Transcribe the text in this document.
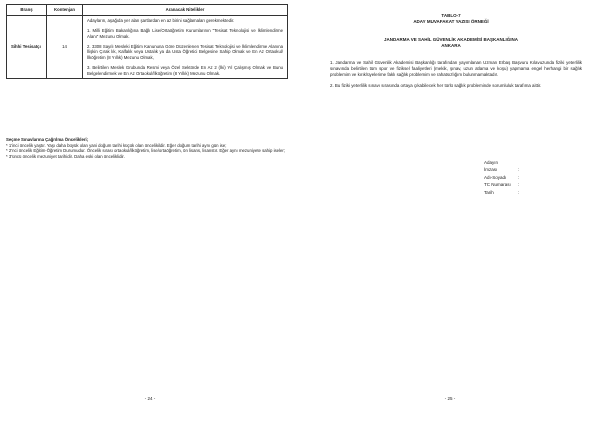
Branş	Kontenjan	Aranacak Nitelikler
Sihhi Tesisatçı	14	Adayların, aşağıda yer alan şartlardan en az birini sağlamaları gerekmektedir.

1. Milli Eğitim Bakanlığına Bağlı Lise/Ortaöğretim Kurumlarının "Tesisat Teknolojisi ve İklimlendirme Alanı" Mezunu Olmak.

2. 3308 Sayılı Mesleki Eğitim Kanununa Göre Düzenlenen Tesisat Teknolojisi ve İklimlendirme Alanına İlişkin Çırak lık, Kalfalık veya Ustalık ya da Usta Öğretici Belgesine Sahip Olmak ve En Az Ortaokul/İlköğretim (8 Yıllık) Mezunu Olmak,

3. Belirtilen Meslek Grubunda Resmi veya Özel Sektörde En Az 2 (İki) Yıl Çalışmış Olmak ve Bunu Belgelendirmek ve En Az Ortaokul/İlköğretim (8 Yıllık) Mezunu Olmak.

Seçme Sınavlarına Çağrılma Öncelikleri;

* 1'inci öncelik yaştır. Yaşı daha büyük olan yani doğum tarihi küçük olan öncelikildir. Eğer doğum tarihi aynı gün ise;

* 2'nci öncelik Eğitim-Öğretim Durumudur. Öncelik sırası ortaokul/ilköğretim, lise/ortaöğretim, ön lisans, lisanstır. Eğer aynı mezuniyete sahip iseler;

* 3'üncü öncelik mezuniyet tarihidir. Daha eski olan önceliklidir.

- 24 -
TABLO-7
ADAY MUVAFAKAT YAZISI ÖRNEĞİ
JANDARMA VE SAHİL GÜVENLİK AKADEMİSİ BAŞKANLIĞINA
ANKARA

1. Jandarma ve Sahil Güvenlik Akademisi Başkanlığı tarafından yayımlanan Uzman Erbaş Başvuru Kılavuzunda fiziki yeterlilik sınavında belirtilen tüm spor ve fiziksel faaliyetleri (mekik, şınav, uzun atlama ve koşu) yapmama engel herhangi bir sağlık problemim ve kırık/üyelerime faklı sağlık problemim ve rahatsızlığım bulunmamaktadır.

2. Bu fiziki yeterlilik sınavı sırasında ortaya çıkabilecek her türlü sağlık probleminde sorumluluk tarafıma aittir.

Adayın
İmzası	:
Adı-Soyadı	:
TC Numarası	:
Tarih	:
- 25 -
